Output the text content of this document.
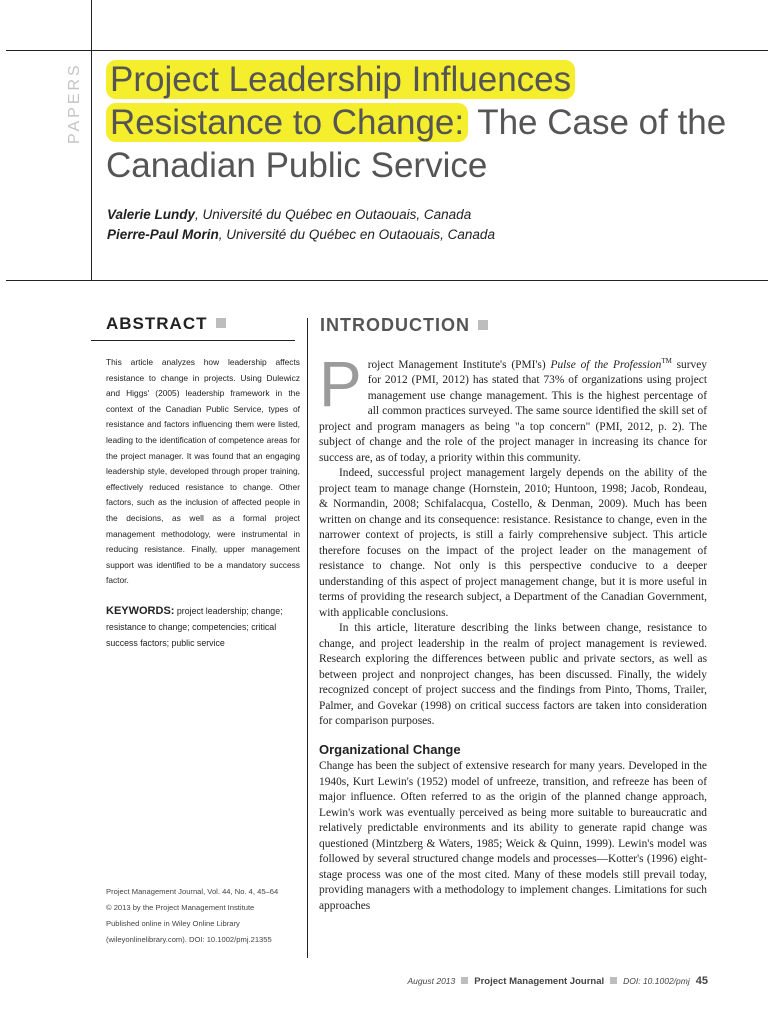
PAPERS Project Leadership Influences
Resistance to Change: The Case of the
Canadian Public Service
Valerie Lundy, Université du Québec en Outaouais, Canada
Pierre-Paul Morin, Université du Québec en Outaouais, Canada
ABSTRACT
This article analyzes how leadership affects resistance to change in projects. Using Dulewicz and Higgs' (2005) leadership framework in the context of the Canadian Public Service, types of resistance and factors influencing them were listed, leading to the identification of competence areas for the project manager. It was found that an engaging leadership style, developed through proper training, effectively reduced resistance to change. Other factors, such as the inclusion of affected people in the decisions, as well as a formal project management methodology, were instrumental in reducing resistance. Finally, upper management support was identified to be a mandatory success factor.
KEYWORDS: project leadership; change; resistance to change; competencies; critical success factors; public service
Project Management Journal, Vol. 44, No. 4, 45–64
© 2013 by the Project Management Institute
Published online in Wiley Online Library
(wileyonlinelibrary.com). DOI: 10.1002/pmj.21355
INTRODUCTION

Project Management Institute's (PMI's) Pulse of the Profession™ survey for 2012 (PMI, 2012) has stated that 73% of organizations using project management use change management. This is the highest percentage of all common practices surveyed. The same source identified the skill set of project and program managers as being "a top concern" (PMI, 2012, p. 2). The subject of change and the role of the project manager in increasing its chance for success are, as of today, a priority within this community.

Indeed, successful project management largely depends on the ability of the project team to manage change (Hornstein, 2010; Huntoon, 1998; Jacob, Rondeau, & Normandin, 2008; Schifalacqua, Costello, & Denman, 2009). Much has been written on change and its consequence: resistance. Resistance to change, even in the narrower context of projects, is still a fairly comprehensive subject. This article therefore focuses on the impact of the project leader on the management of resistance to change. Not only is this perspective conducive to a deeper understanding of this aspect of project management change, but it is more useful in terms of providing the research subject, a Department of the Canadian Government, with applicable conclusions.

In this article, literature describing the links between change, resistance to change, and project leadership in the realm of project management is reviewed. Research exploring the differences between public and private sectors, as well as between project and nonproject changes, has been discussed. Finally, the widely recognized concept of project success and the findings from Pinto, Thoms, Trailer, Palmer, and Govekar (1998) on critical success factors are taken into consideration for comparison purposes.

Organizational Change

Change has been the subject of extensive research for many years. Developed in the 1940s, Kurt Lewin's (1952) model of unfreeze, transition, and refreeze has been of major influence. Often referred to as the origin of the planned change approach, Lewin's work was eventually perceived as being more suitable to bureaucratic and relatively predictable environments and its ability to generate rapid change was questioned (Mintzberg & Waters, 1985; Weick & Quinn, 1999). Lewin's model was followed by several structured change models and processes—Kotter's (1996) eight-stage process was one of the most cited. Many of these models still prevail today, providing managers with a methodology to implement changes. Limitations for such approaches

August 2013 Project Management Journal DOI: 10.1002/pmj 45
